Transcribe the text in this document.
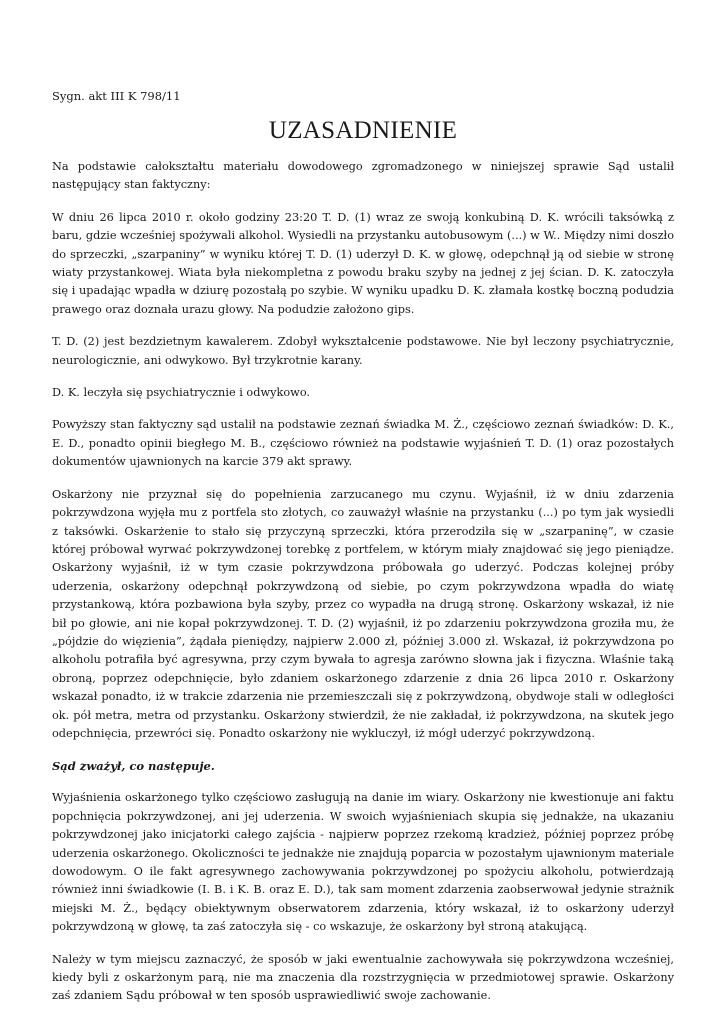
Sygn. akt III K 798/11

UZASADNIENIE

Na podstawie całokształtu materiału dowodowego zgromadzonego w niniejszej sprawie Sąd ustalił następujący stan faktyczny:

W dniu 26 lipca 2010 r. około godziny 23:20 T. D. (1) wraz ze swoją konkubiną D. K. wrócili taksówką z baru, gdzie wcześniej spożywali alkohol. Wysiedli na przystanku autobusowym (...) w W.. Między nimi doszło do sprzeczki, „szarpaniny” w wyniku której T. D. (1) uderzył D. K. w głowę, odepchnął ją od siebie w stronę wiaty przystankowej. Wiata była niekompletna z powodu braku szyby na jednej z jej ścian. D. K. zatoczyła się i upadając wpadła w dziurę pozostałą po szybie. W wyniku upadku D. K. złamała kostkę boczną podudzia prawego oraz doznała urazu głowy. Na podudzie założono gips.

T. D. (2) jest bezdzietnym kawalerem. Zdobył wykształcenie podstawowe. Nie był leczony psychiatrycznie, neurologicznie, ani odwykowo. Był trzykrotnie karany.

D. K. leczyła się psychiatrycznie i odwykowo.

Powyższy stan faktyczny sąd ustalił na podstawie zeznań świadka M. Ż., częściowo zeznań świadków: D. K., E. D., ponadto opinii biegłego M. B., częściowo również na podstawie wyjaśnień T. D. (1) oraz pozostałych dokumentów ujawnionych na karcie 379 akt sprawy.

Oskarżony nie przyznał się do popełnienia zarzucanego mu czynu. Wyjaśnił, iż w dniu zdarzenia pokrzywdzona wyjęła mu z portfela sto złotych, co zauważył właśnie na przystanku (...) po tym jak wysiedli z taksówki. Oskarżenie to stało się przyczyną sprzeczki, która przerodziła się w „szarpaninę”, w czasie której próbował wyrwać pokrzywdzonej torebkę z portfelem, w którym miały znajdować się jego pieniądze. Oskarżony wyjaśnił, iż w tym czasie pokrzywdzona próbowała go uderzyć. Podczas kolejnej próby uderzenia, oskarżony odepchnął pokrzywdzoną od siebie, po czym pokrzywdzona wpadła do wiatę przystankową, która pozbawiona była szyby, przez co wypadła na drugą stronę. Oskarżony wskazał, iż nie bił po głowie, ani nie kopał pokrzywdzonej. T. D. (2) wyjaśnił, iż po zdarzeniu pokrzywdzona groziła mu, że „pójdzie do więzienia”, żądała pieniędzy, najpierw 2.000 zł, później 3.000 zł. Wskazał, iż pokrzywdzona po alkoholu potrafiła być agresywna, przy czym bywała to agresja zarówno słowna jak i fizyczna. Właśnie taką obroną, poprzez odepchnięcie, było zdaniem oskarżonego zdarzenie z dnia 26 lipca 2010 r. Oskarżony wskazał ponadto, iż w trakcie zdarzenia nie przemieszczali się z pokrzywdzoną, obydwoje stali w odległości ok. pół metra, metra od przystanku. Oskarżony stwierdził, że nie zakładał, iż pokrzywdzona, na skutek jego odepchnięcia, przewróci się. Ponadto oskarżony nie wykluczył, iż mógł uderzyć pokrzywdzoną.

Sąd zważył, co następuje.

Wyjaśnienia oskarżonego tylko częściowo zasługują na danie im wiary. Oskarżony nie kwestionuje ani faktu popchnięcia pokrzywdzonej, ani jej uderzenia. W swoich wyjaśnieniach skupia się jednakże, na ukazaniu pokrzywdzonej jako inicjatorki całego zajścia - najpierw poprzez rzekomą kradzież, później poprzez próbę uderzenia oskarżonego. Okoliczności te jednakże nie znajdują poparcia w pozostałym ujawnionym materiale dowodowym. O ile fakt agresywnego zachowywania pokrzywdzonej po spożyciu alkoholu, potwierdzają również inni świadkowie (I. B. i K. B. oraz E. D.), tak sam moment zdarzenia zaobserwował jedynie strażnik miejski M. Ż., będący obiektywnym obserwatorem zdarzenia, który wskazał, iż to oskarżony uderzył pokrzywdzoną w głowę, ta zaś zatoczyła się - co wskazuje, że oskarżony był stroną atakującą.

Należy w tym miejscu zaznaczyć, że sposób w jaki ewentualnie zachowywała się pokrzywdzona wcześniej, kiedy byli z oskarżonym parą, nie ma znaczenia dla rozstrzygnięcia w przedmiotowej sprawie. Oskarżony zaś zdaniem Sądu próbował w ten sposób usprawiedliwić swoje zachowanie.
